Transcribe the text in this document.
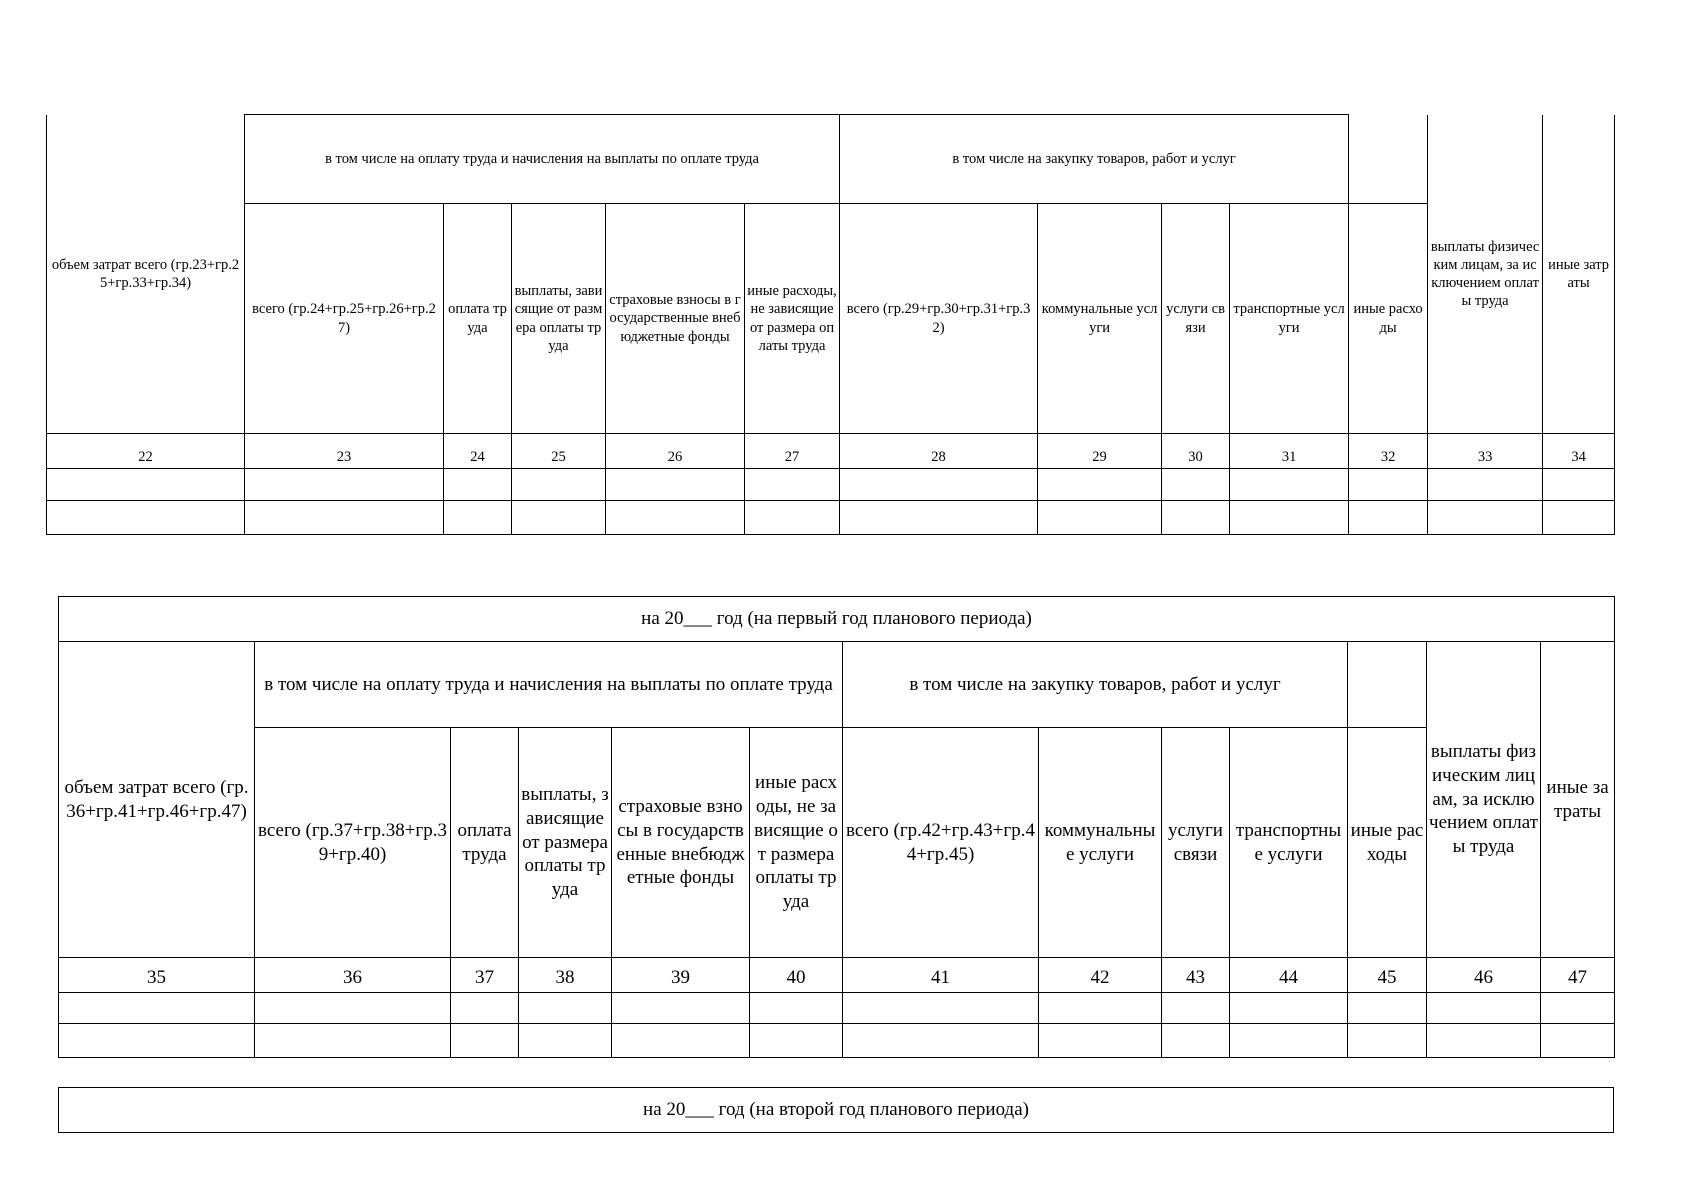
объем затрат всего (гр.23+гр.25+гр.33+гр.34)	в том числе на оплату труда и начисления на выплаты по оплате труда					в том числе на закупку товаров, работ и услуг					выплаты физическим лицам, за исключением оплаты труда	иные затраты
	всего (гр.24+гр.25+гр.26+гр.27)	оплата труда	выплаты, зависящие от размера оплаты труда	страховые взносы в государственные внебюджетные фонды	иные расходы, не зависящие от размера оплаты труда	всего (гр.29+гр.30+гр.31+гр.32)	коммунальные услуги	услуги связи	транспортные услуги	иные расходы		
22	23	24	25	26	27	28	29	30	31	32	33	34

на 20___ год (на первый год планового периода)												
объем затрат всего (гр.36+гр.41+гр.46+гр.47)	в том числе на оплату труда и начисления на выплаты по оплате труда					в том числе на закупку товаров, работ и услуг					выплаты физическим лицам, за исключением оплаты труда	иные затраты
	всего (гр.37+гр.38+гр.39+гр.40)	оплата труда	выплаты, зависящие от размера оплаты труда	страховые взносы в государственные внебюджетные фонды	иные расходы, не зависящие от размера оплаты труда	всего (гр.42+гр.43+гр.44+гр.45)	коммунальные услуги	услуги связи	транспортные услуги	иные расходы		
35	36	37	38	39	40	41	42	43	44	45	46	47

на 20___ год (на второй год планового периода)
